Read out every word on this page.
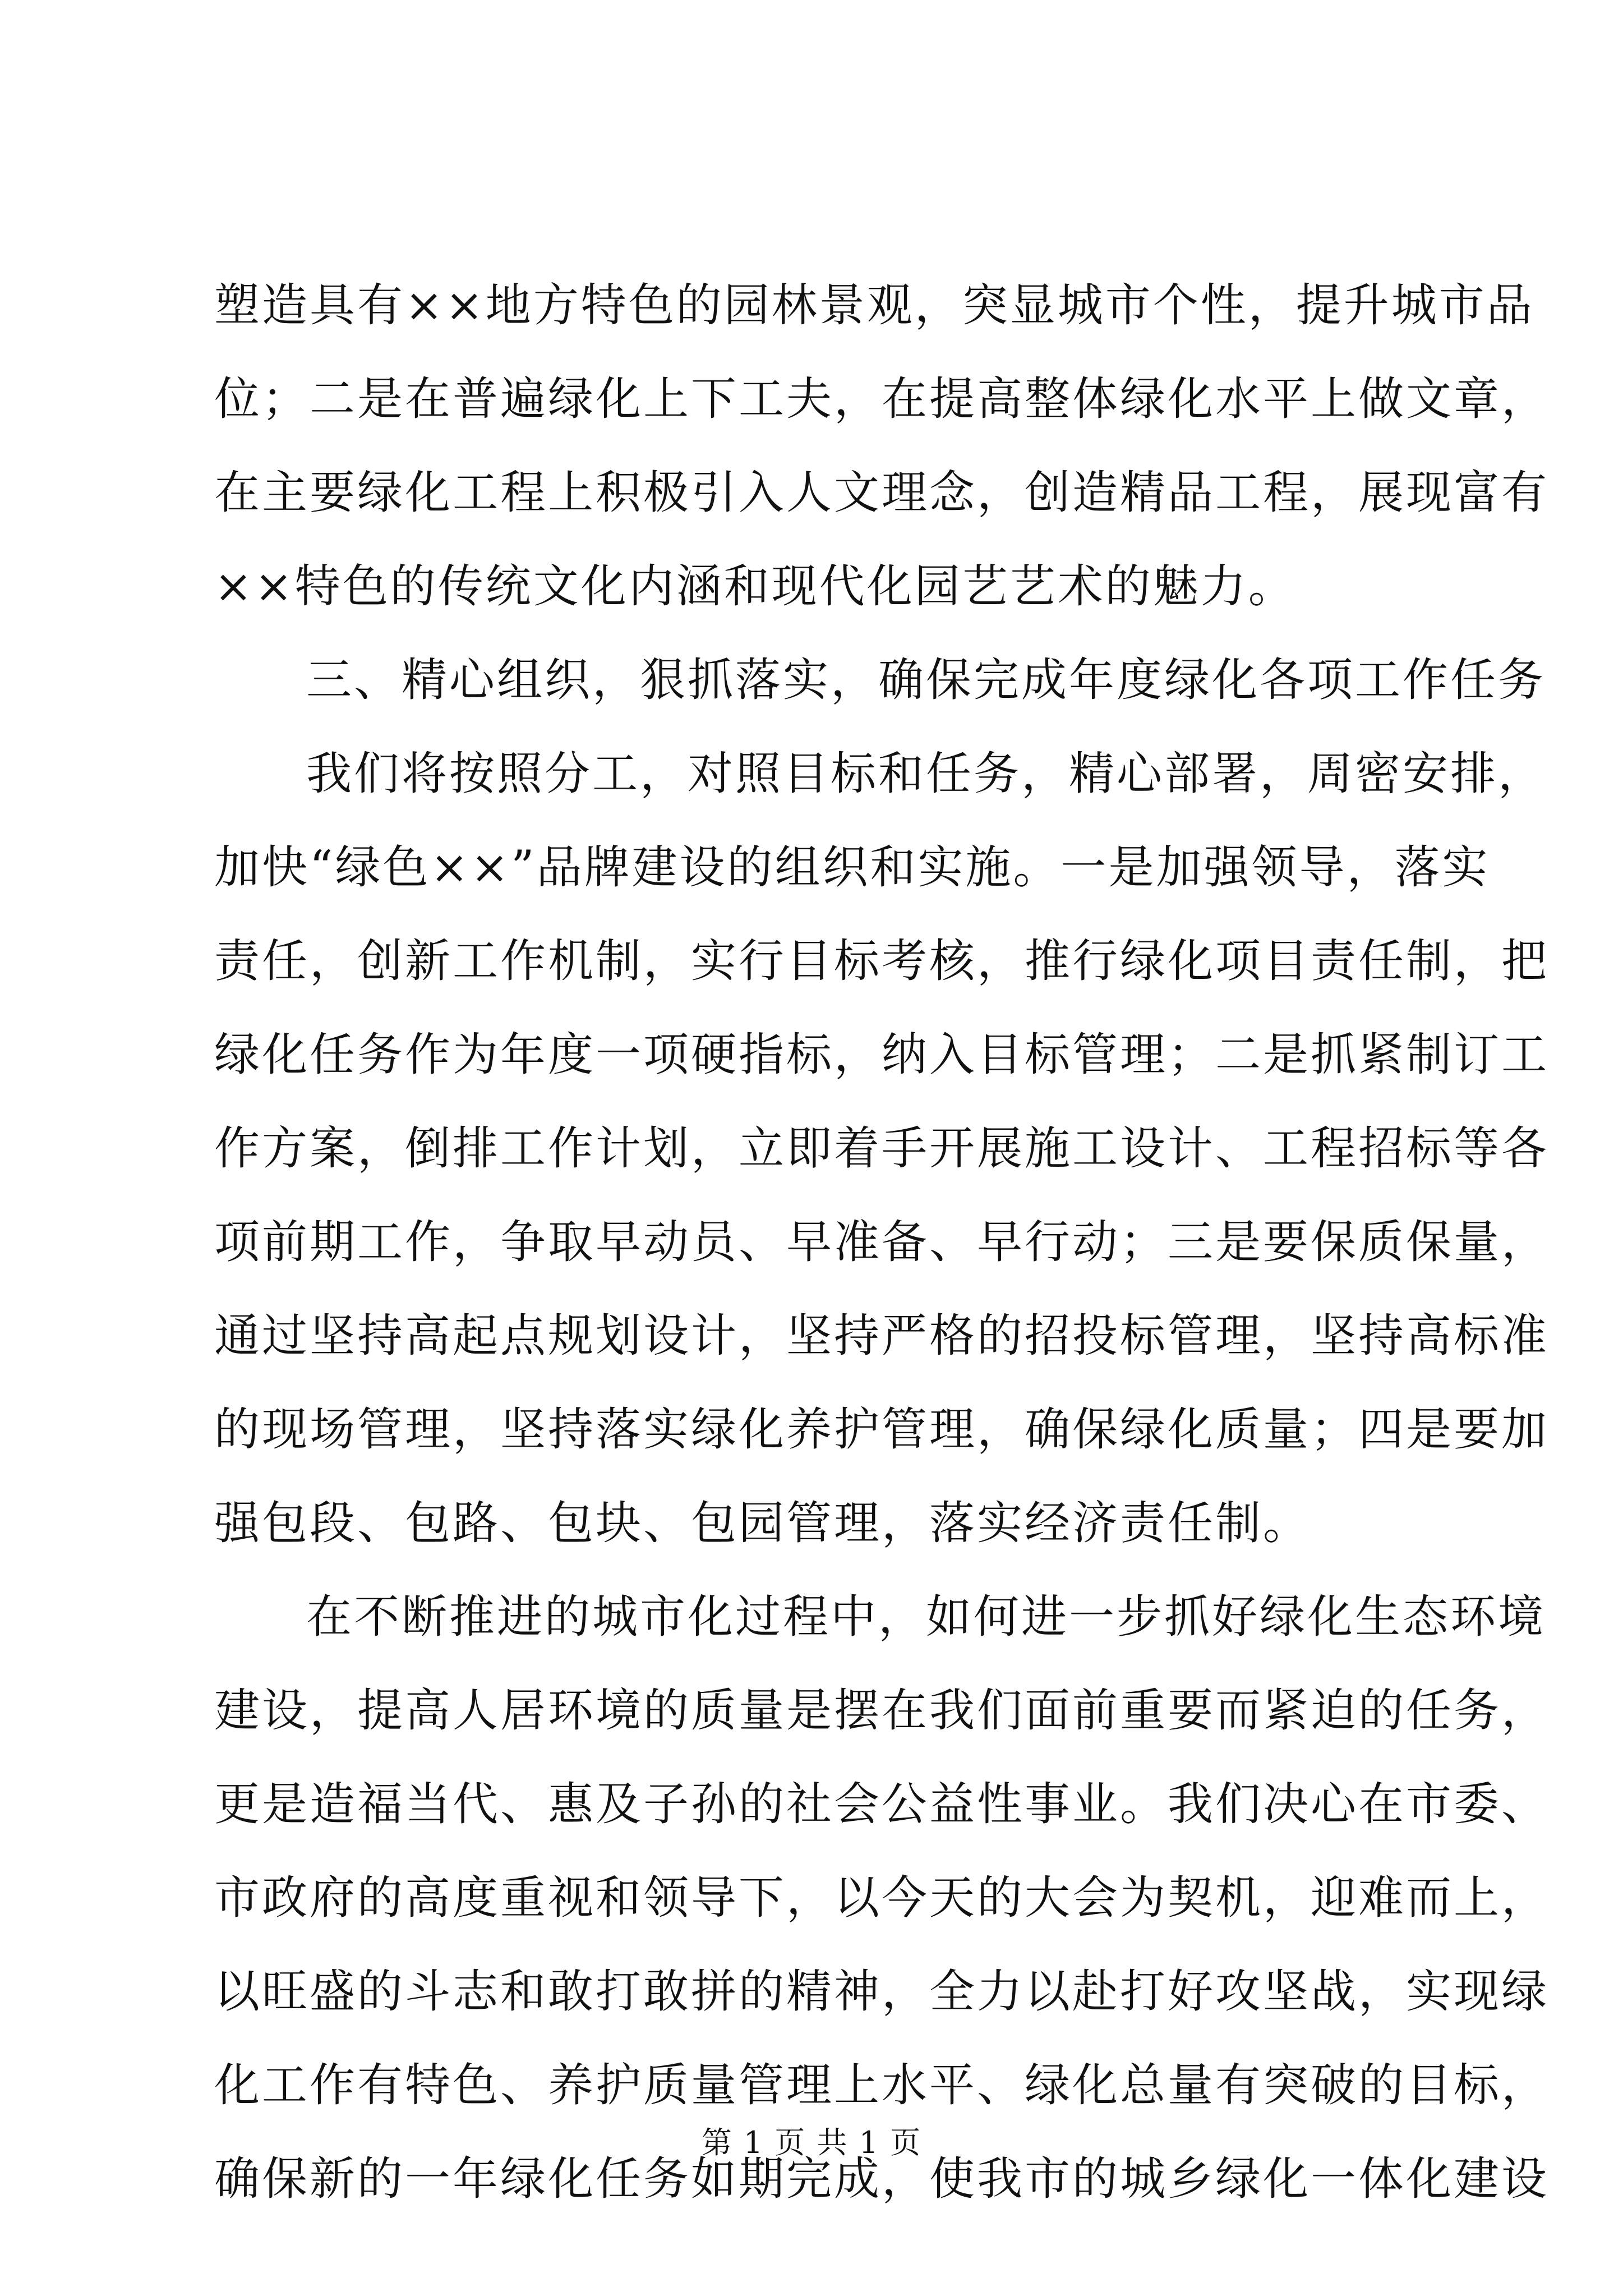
塑造具有××地方特色的园林景观，突显城市个性，提升城市品
位；二是在普遍绿化上下工夫，在提高整体绿化水平上做文章，
在主要绿化工程上积极引入人文理念，创造精品工程，展现富有
××特色的传统文化内涵和现代化园艺艺术的魅力。
三、精心组织，狠抓落实，确保完成年度绿化各项工作任务
我们将按照分工，对照目标和任务，精心部署，周密安排，
加快“绿色××”品牌建设的组织和实施。一是加强领导，落实
责任，创新工作机制，实行目标考核，推行绿化项目责任制，把
绿化任务作为年度一项硬指标，纳入目标管理；二是抓紧制订工
作方案，倒排工作计划，立即着手开展施工设计、工程招标等各
项前期工作，争取早动员、早准备、早行动；三是要保质保量，
通过坚持高起点规划设计，坚持严格的招投标管理，坚持高标准
的现场管理，坚持落实绿化养护管理，确保绿化质量；四是要加
强包段、包路、包块、包园管理，落实经济责任制。
在不断推进的城市化过程中，如何进一步抓好绿化生态环境
建设，提高人居环境的质量是摆在我们面前重要而紧迫的任务，
更是造福当代、惠及子孙的社会公益性事业。我们决心在市委、
市政府的高度重视和领导下，以今天的大会为契机，迎难而上，
以旺盛的斗志和敢打敢拼的精神，全力以赴打好攻坚战，实现绿
化工作有特色、养护质量管理上水平、绿化总量有突破的目标，
确保新的一年绿化任务如期完成，使我市的城乡绿化一体化建设
第 1 页 共 1 页
